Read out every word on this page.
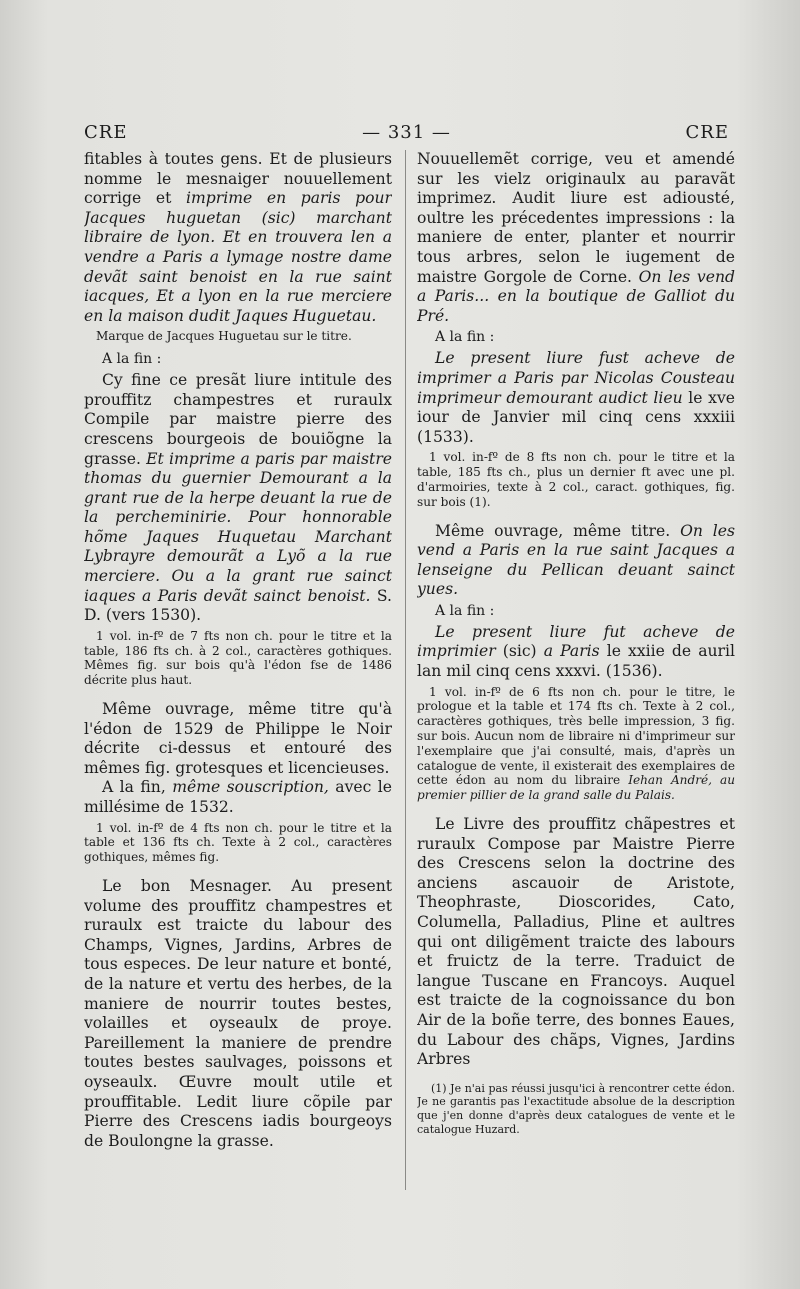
CRE	— 331 —	CRE

fitables à toutes gens. Et de plusieurs nomme le mesnaiger nouuellement corrige et imprime en paris pour Jacques huguetan (sic) marchant libraire de lyon. Et en trouvera len a vendre a Paris a lymage nostre dame devãt saint benoist en la rue saint iacques, Et a lyon en la rue merciere en la maison dudit Jaques Huguetau.

Marque de Jacques Huguetau sur le titre.

A la fin :

Cy fine ce presãt liure intitule des prouffitz champestres et ruraulx Compile par maistre pierre des crescens bourgeois de bouiõgne la grasse. Et imprime a paris par maistre thomas du guernier Demourant a la grant rue de la herpe deuant la rue de la percheminirie. Pour honnorable hõme Jaques Huquetau Marchant Lybrayre demourãt a Lyõ a la rue merciere. Ou a la grant rue sainct iaques a Paris devãt sainct benoist. S. D. (vers 1530).

1 vol. in-fº de 7 fts non ch. pour le titre et la table, 186 fts ch. à 2 col., caractères gothiques. Mêmes fig. sur bois qu'à l'édon fse de 1486 décrite plus haut.

Même ouvrage, même titre qu'à l'édon de 1529 de Philippe le Noir décrite ci-dessus et entouré des mêmes fig. grotesques et licencieuses.

A la fin, même souscription, avec le millésime de 1532.

1 vol. in-fº de 4 fts non ch. pour le titre et la table et 136 fts ch. Texte à 2 col., caractères gothiques, mêmes fig.

Le bon Mesnager. Au present volume des prouffitz champestres et ruraulx est traicte du labour des Champs, Vignes, Jardins, Arbres de tous especes. De leur nature et bonté, de la nature et vertu des herbes, de la maniere de nourrir toutes bestes, volailles et oyseaulx de proye. Pareillement la maniere de prendre toutes bestes saulvages, poissons et oyseaulx. Œuvre moult utile et prouffitable. Ledit liure cõpile par Pierre des Crescens iadis bourgeoys de Boulongne la grasse.

Nouuellemẽt corrige, veu et amendé sur les vielz originaulx au paravãt imprimez. Audit liure est adiousté, oultre les précedentes impressions : la maniere de enter, planter et nourrir tous arbres, selon le iugement de maistre Gorgole de Corne. On les vend a Paris... en la boutique de Galliot du Pré.

A la fin :

Le present liure fust acheve de imprimer a Paris par Nicolas Cousteau imprimeur demourant audict lieu le xve iour de Janvier mil cinq cens xxxiii (1533).

1 vol. in-fº de 8 fts non ch. pour le titre et la table, 185 fts ch., plus un dernier ft avec une pl. d'armoiries, texte à 2 col., caract. gothiques, fig. sur bois (1).

Même ouvrage, même titre. On les vend a Paris en la rue saint Jacques a lenseigne du Pellican deuant sainct yues.

A la fin :

Le present liure fut acheve de imprimier (sic) a Paris le xxiie de auril lan mil cinq cens xxxvi. (1536).

1 vol. in-fº de 6 fts non ch. pour le titre, le prologue et la table et 174 fts ch. Texte à 2 col., caractères gothiques, très belle impression, 3 fig. sur bois. Aucun nom de libraire ni d'imprimeur sur l'exemplaire que j'ai consulté, mais, d'après un catalogue de vente, il existerait des exemplaires de cette édon au nom du libraire Iehan André, au premier pillier de la grand salle du Palais.

Le Livre des prouffitz chãpestres et ruraulx Compose par Maistre Pierre des Crescens selon la doctrine des anciens ascauoir de Aristote, Theophraste, Dioscorides, Cato, Columella, Palladius, Pline et aultres qui ont diligẽment traicte des labours et fruictz de la terre. Traduict de langue Tuscane en Francoys. Auquel est traicte de la cognoissance du bon Air de la boñe terre, des bonnes Eaues, du Labour des chãps, Vignes, Jardins Arbres

(1) Je n'ai pas réussi jusqu'ici à rencontrer cette édon. Je ne garantis pas l'exactitude absolue de la description que j'en donne d'après deux catalogues de vente et le catalogue Huzard.
